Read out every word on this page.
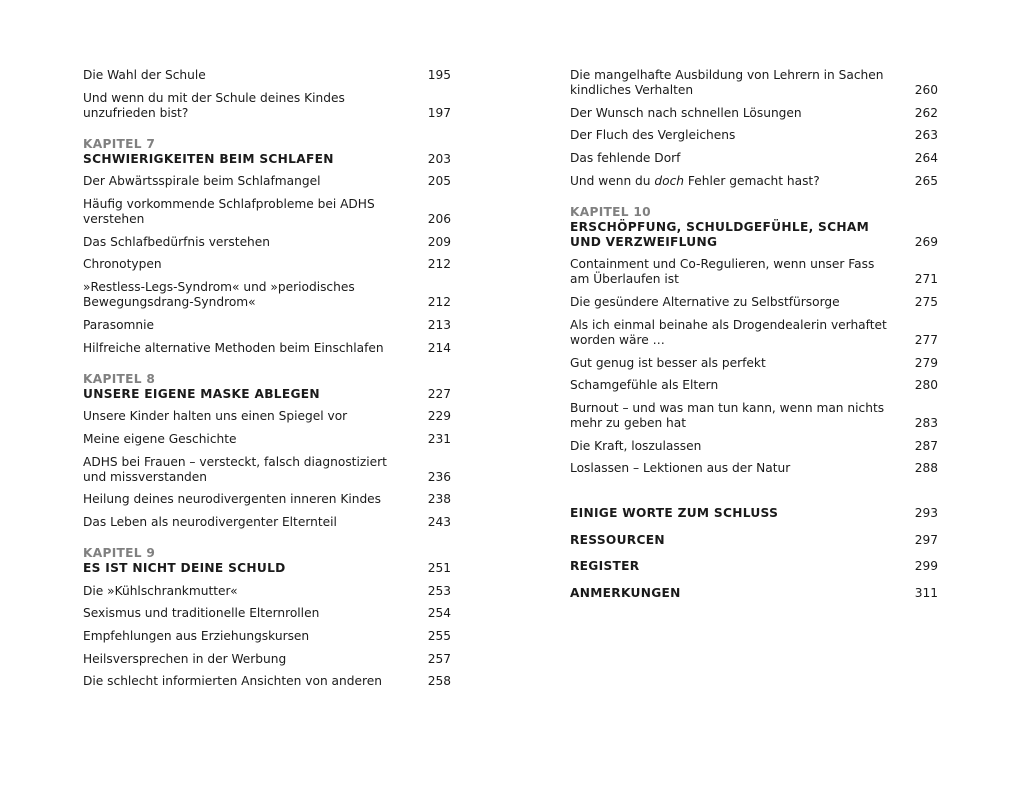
Die Wahl der Schule	195
Und wenn du mit der Schule deines Kindes unzufrieden bist?	197
KAPITEL 7
SCHWIERIGKEITEN BEIM SCHLAFEN	203
Der Abwärtsspirale beim Schlafmangel	205
Häufig vorkommende Schlafprobleme bei ADHS verstehen	206
Das Schlafbedürfnis verstehen	209
Chronotypen	212
»Restless-Legs-Syndrom« und »periodisches Bewegungsdrang-Syndrom«	212
Parasomnie	213
Hilfreiche alternative Methoden beim Einschlafen	214
KAPITEL 8
UNSERE EIGENE MASKE ABLEGEN	227
Unsere Kinder halten uns einen Spiegel vor	229
Meine eigene Geschichte	231
ADHS bei Frauen – versteckt, falsch diagnostiziert und missverstanden	236
Heilung deines neurodivergenten inneren Kindes	238
Das Leben als neurodivergenter Elternteil	243
KAPITEL 9
ES IST NICHT DEINE SCHULD	251
Die »Kühlschrankmutter«	253
Sexismus und traditionelle Elternrollen	254
Empfehlungen aus Erziehungskursen	255
Heilsversprechen in der Werbung	257
Die schlecht informierten Ansichten von anderen	258
Die mangelhafte Ausbildung von Lehrern in Sachen kindliches Verhalten	260
Der Wunsch nach schnellen Lösungen	262
Der Fluch des Vergleichens	263
Das fehlende Dorf	264
Und wenn du doch Fehler gemacht hast?	265
KAPITEL 10
ERSCHÖPFUNG, SCHULDGEFÜHLE, SCHAM
UND VERZWEIFLUNG	269
Containment und Co-Regulieren, wenn unser Fass am Überlaufen ist	271
Die gesündere Alternative zu Selbstfürsorge	275
Als ich einmal beinahe als Drogendealerin verhaftet worden wäre …	277
Gut genug ist besser als perfekt	279
Schamgefühle als Eltern	280
Burnout – und was man tun kann, wenn man nichts mehr zu geben hat	283
Die Kraft, loszulassen	287
Loslassen – Lektionen aus der Natur	288
EINIGE WORTE ZUM SCHLUSS	293
RESSOURCEN	297
REGISTER	299
ANMERKUNGEN	311
